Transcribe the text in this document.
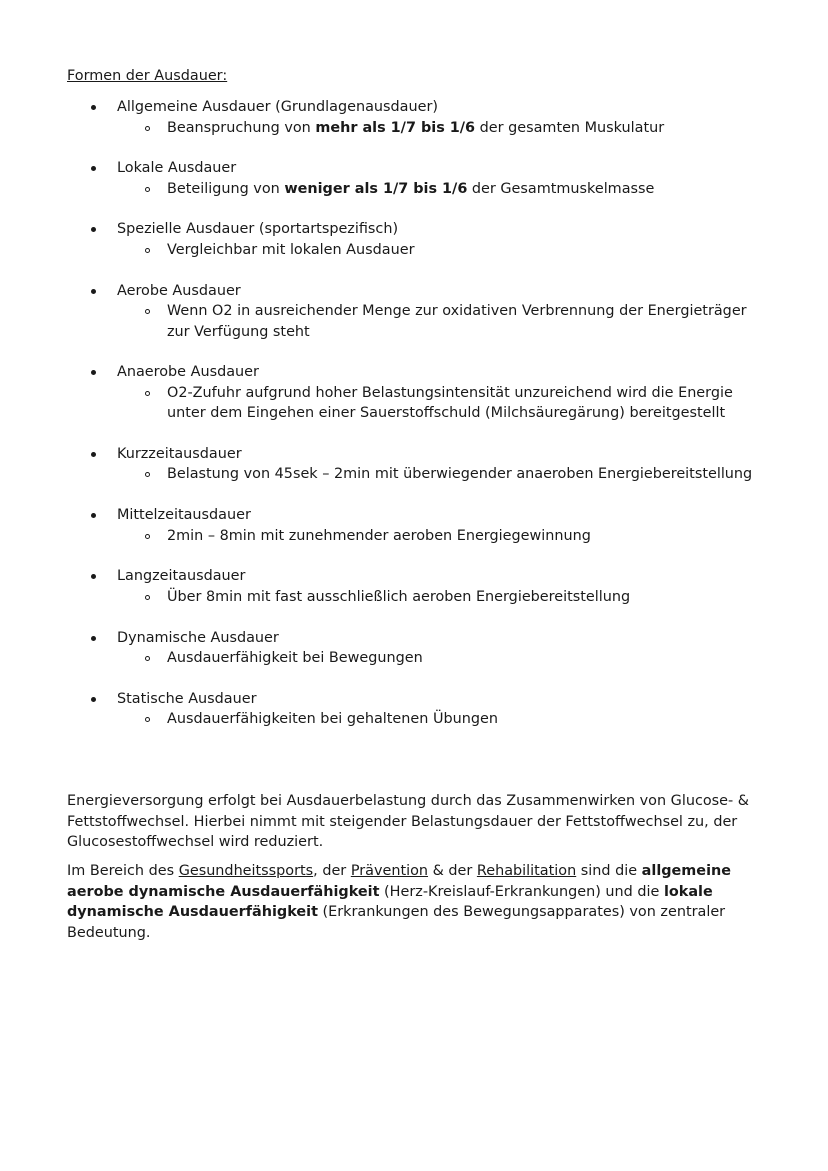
Formen der Ausdauer:
Allgemeine Ausdauer (Grundlagenausdauer)
Beanspruchung von mehr als 1/7 bis 1/6 der gesamten Muskulatur
Lokale Ausdauer
Beteiligung von weniger als 1/7 bis 1/6 der Gesamtmuskelmasse
Spezielle Ausdauer (sportartspezifisch)
Vergleichbar mit lokalen Ausdauer
Aerobe Ausdauer
Wenn O2 in ausreichender Menge zur oxidativen Verbrennung der Energieträger zur Verfügung steht
Anaerobe Ausdauer
O2-Zufuhr aufgrund hoher Belastungsintensität unzureichend wird die Energie unter dem Eingehen einer Sauerstoffschuld (Milchsäuregärung) bereitgestellt
Kurzzeitausdauer
Belastung von 45sek – 2min mit überwiegender anaeroben Energiebereitstellung
Mittelzeitausdauer
2min – 8min mit zunehmender aeroben Energiegewinnung
Langzeitausdauer
Über 8min mit fast ausschließlich aeroben Energiebereitstellung
Dynamische Ausdauer
Ausdauerfähigkeit bei Bewegungen
Statische Ausdauer
Ausdauerfähigkeiten bei gehaltenen Übungen

Energieversorgung erfolgt bei Ausdauerbelastung durch das Zusammenwirken von Glucose- & Fettstoffwechsel. Hierbei nimmt mit steigender Belastungsdauer der Fettstoffwechsel zu, der Glucosestoffwechsel wird reduziert.

Im Bereich des Gesundheitssports, der Prävention & der Rehabilitation sind die allgemeine aerobe dynamische Ausdauerfähigkeit (Herz-Kreislauf-Erkrankungen) und die lokale dynamische Ausdauerfähigkeit (Erkrankungen des Bewegungsapparates) von zentraler Bedeutung.
